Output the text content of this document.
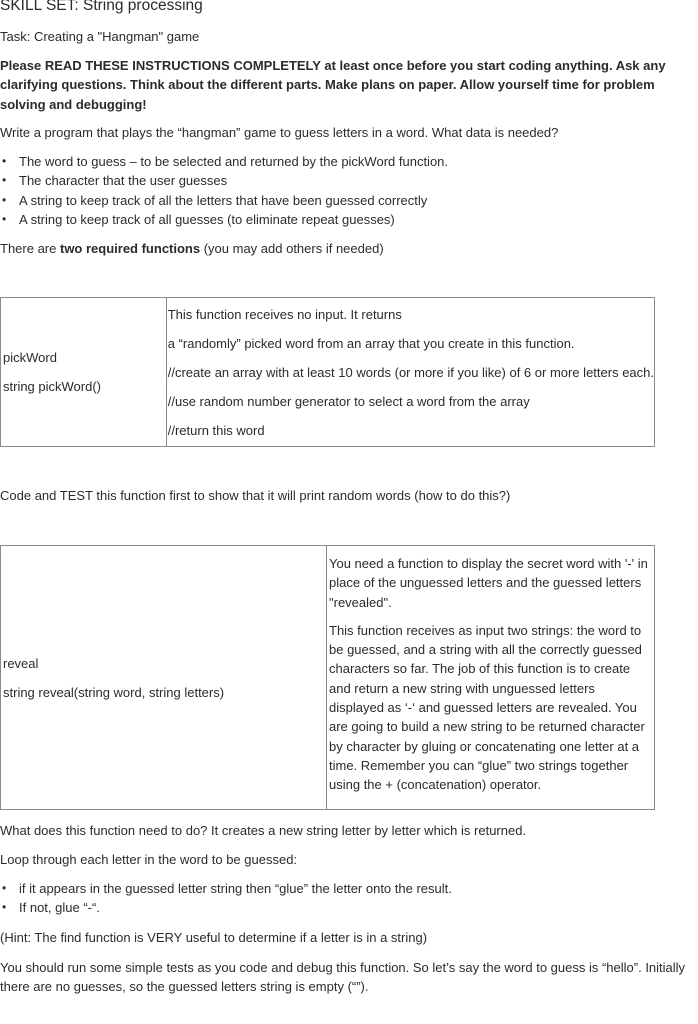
SKILL SET: String processing
Task: Creating a "Hangman" game
Please READ THESE INSTRUCTIONS COMPLETELY at least once before you start coding anything. Ask any clarifying questions. Think about the different parts. Make plans on paper. Allow yourself time for problem solving and debugging!
Write a program that plays the “hangman” game to guess letters in a word. What data is needed?
• The word to guess – to be selected and returned by the pickWord function.
• The character that the user guesses
• A string to keep track of all the letters that have been guessed correctly
• A string to keep track of all guesses (to eliminate repeat guesses)
There are two required functions (you may add others if needed)
pickWord
string pickWord()

This function receives no input. It returns
a “randomly” picked word from an array that you create in this function.
//create an array with at least 10 words (or more if you like) of 6 or more letters each.
//use random number generator to select a word from the array
//return this word
Code and TEST this function first to show that it will print random words (how to do this?)
reveal
string reveal(string word, string letters)

You need a function to display the secret word with '-' in place of the unguessed letters and the guessed letters "revealed".

This function receives as input two strings: the word to be guessed, and a string with all the correctly guessed characters so far. The job of this function is to create and return a new string with unguessed letters displayed as ‘-‘ and guessed letters are revealed. You are going to build a new string to be returned character by character by gluing or concatenating one letter at a time. Remember you can “glue” two strings together using the + (concatenation) operator.

What does this function need to do? It creates a new string letter by letter which is returned.
Loop through each letter in the word to be guessed:
• if it appears in the guessed letter string then “glue” the letter onto the result.
• If not, glue “-“.
(Hint: The find function is VERY useful to determine if a letter is in a string)
You should run some simple tests as you code and debug this function. So let’s say the word to guess is “hello”. Initially there are no guesses, so the guessed letters string is empty (“”).
